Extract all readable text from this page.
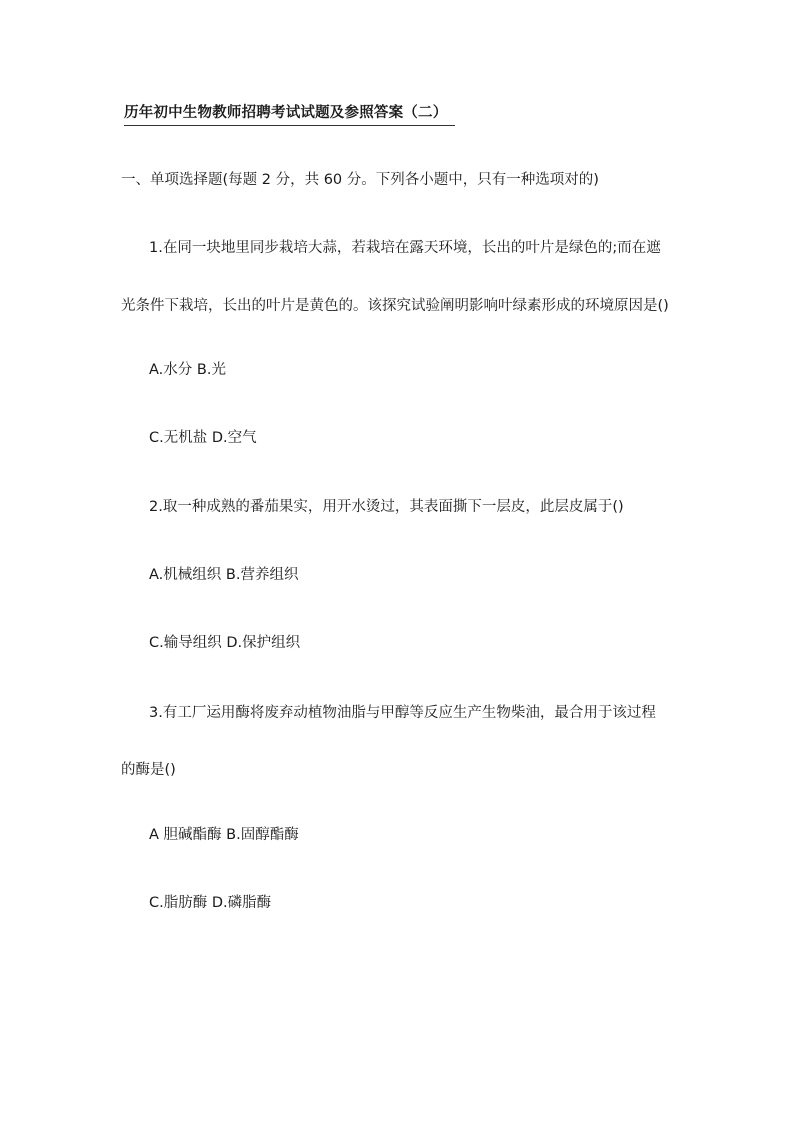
历年初中生物教师招聘考试试题及参照答案（二）
一、单项选择题(每题 2 分，共 60 分。下列各小题中，只有一种选项对的)
1.在同一块地里同步栽培大蒜，若栽培在露天环境，长出的叶片是绿色的;而在遮
光条件下栽培，长出的叶片是黄色的。该探究试验阐明影响叶绿素形成的环境原因是()
A.水分 B.光
C.无机盐 D.空气
2.取一种成熟的番茄果实，用开水烫过，其表面撕下一层皮，此层皮属于()
A.机械组织 B.营养组织
C.输导组织 D.保护组织
3.有工厂运用酶将废弃动植物油脂与甲醇等反应生产生物柴油，最合用于该过程
的酶是()
A 胆碱酯酶 B.固醇酯酶
C.脂肪酶 D.磷脂酶
